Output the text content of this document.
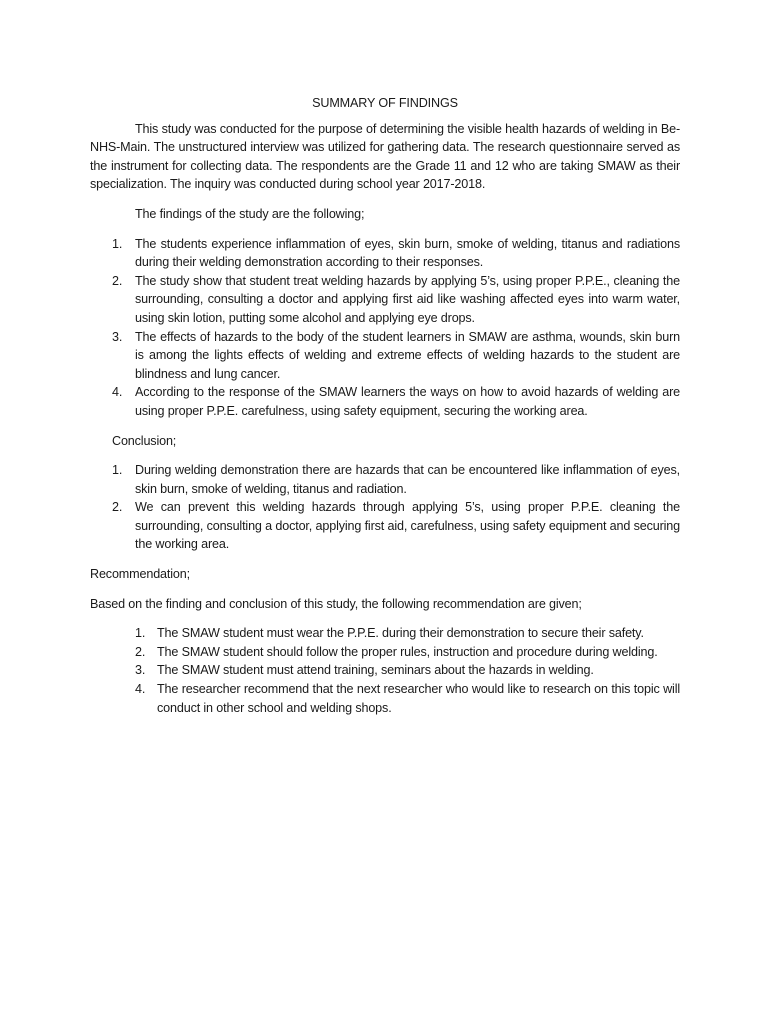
SUMMARY OF FINDINGS

This study was conducted for the purpose of determining the visible health hazards of welding in Be-NHS-Main. The unstructured interview was utilized for gathering data. The research questionnaire served as the instrument for collecting data. The respondents are the Grade 11 and 12 who are taking SMAW as their specialization. The inquiry was conducted during school year 2017-2018.

The findings of the study are the following;

1. The students experience inflammation of eyes, skin burn, smoke of welding, titanus and radiations during their welding demonstration according to their responses.
2. The study show that student treat welding hazards by applying 5’s, using proper P.P.E., cleaning the surrounding, consulting a doctor and applying first aid like washing affected eyes into warm water, using skin lotion, putting some alcohol and applying eye drops.
3. The effects of hazards to the body of the student learners in SMAW are asthma, wounds, skin burn is among the lights effects of welding and extreme effects of welding hazards to the student are blindness and lung cancer.
4. According to the response of the SMAW learners the ways on how to avoid hazards of welding are using proper P.P.E. carefulness, using safety equipment, securing the working area.

Conclusion;

1. During welding demonstration there are hazards that can be encountered like inflammation of eyes, skin burn, smoke of welding, titanus and radiation.
2. We can prevent this welding hazards through applying 5’s, using proper P.P.E. cleaning the surrounding, consulting a doctor, applying first aid, carefulness, using safety equipment and securing the working area.

Recommendation;

Based on the finding and conclusion of this study, the following recommendation are given;

1. The SMAW student must wear the P.P.E. during their demonstration to secure their safety.
2. The SMAW student should follow the proper rules, instruction and procedure during welding.
3. The SMAW student must attend training, seminars about the hazards in welding.
4. The researcher recommend that the next researcher who would like to research on this topic will conduct in other school and welding shops.
